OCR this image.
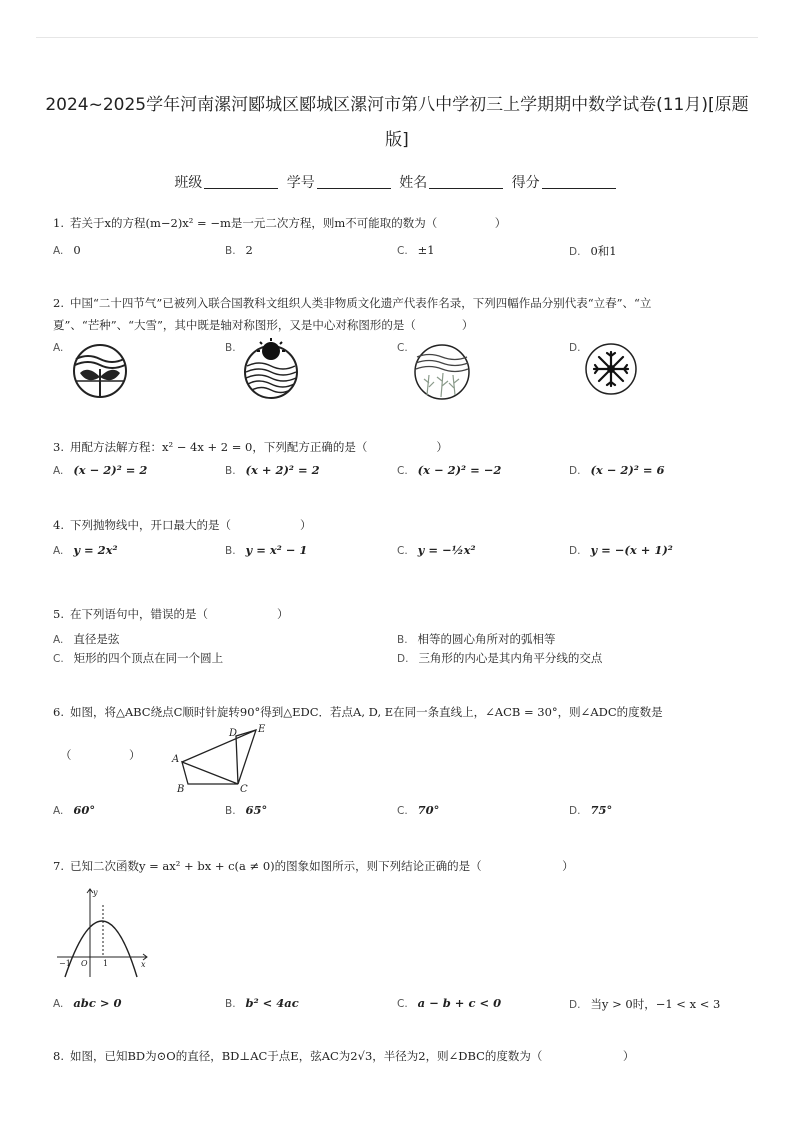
2024~2025学年河南漯河郾城区郾城区漯河市第八中学初三上学期期中数学试卷(11月)[原题
版]
班级	学号	姓名	得分
1. 若关于x的方程(m−2)x² = −m是一元二次方程，则m不可能取的数为（　　　　　）
A. 0	B. 2	C. ±1	D. 0和1
2. 中国“二十四节气”已被列入联合国教科文组织人类非物质文化遗产代表作名录，下列四幅作品分别代表“立春”、“立
夏”、“芒种”、“大雪”，其中既是轴对称图形，又是中心对称图形的是（　　　　）
A.	B.	C.	D.
3. 用配方法解方程：x² − 4x + 2 = 0，下列配方正确的是（　　　　　　）
A. (x − 2)² = 2	B. (x + 2)² = 2	C. (x − 2)² = −2	D. (x − 2)² = 6
4. 下列抛物线中，开口最大的是（　　　　　　）
A. y = 2x²	B. y = x² − 1	C. y = −½x²	D. y = −(x + 1)²
5. 在下列语句中，错误的是（　　　　　　）
A. 直径是弦	B. 相等的圆心角所对的弧相等
C. 矩形的四个顶点在同一个圆上	D. 三角形的内心是其内角平分线的交点
6. 如图，将△ABC绕点C顺时针旋转90°得到△EDC．若点A, D, E在同一条直线上，∠ACB = 30°，则∠ADC的度数是
（　　　　　）	A
B	C
D E
A. 60°	B. 65°	C. 70°	D. 75°
7. 已知二次函数y = ax² + bx + c(a ≠ 0)的图象如图所示，则下列结论正确的是（　　　　　　　）
y
x
O
−1	1
A. abc > 0	B. b² < 4ac	C. a − b + c < 0	D. 当y > 0时，−1 < x < 3
8. 如图，已知BD为⊙O的直径，BD⊥AC于点E，弦AC为2√3，半径为2，则∠DBC的度数为（　　　　　　　）
